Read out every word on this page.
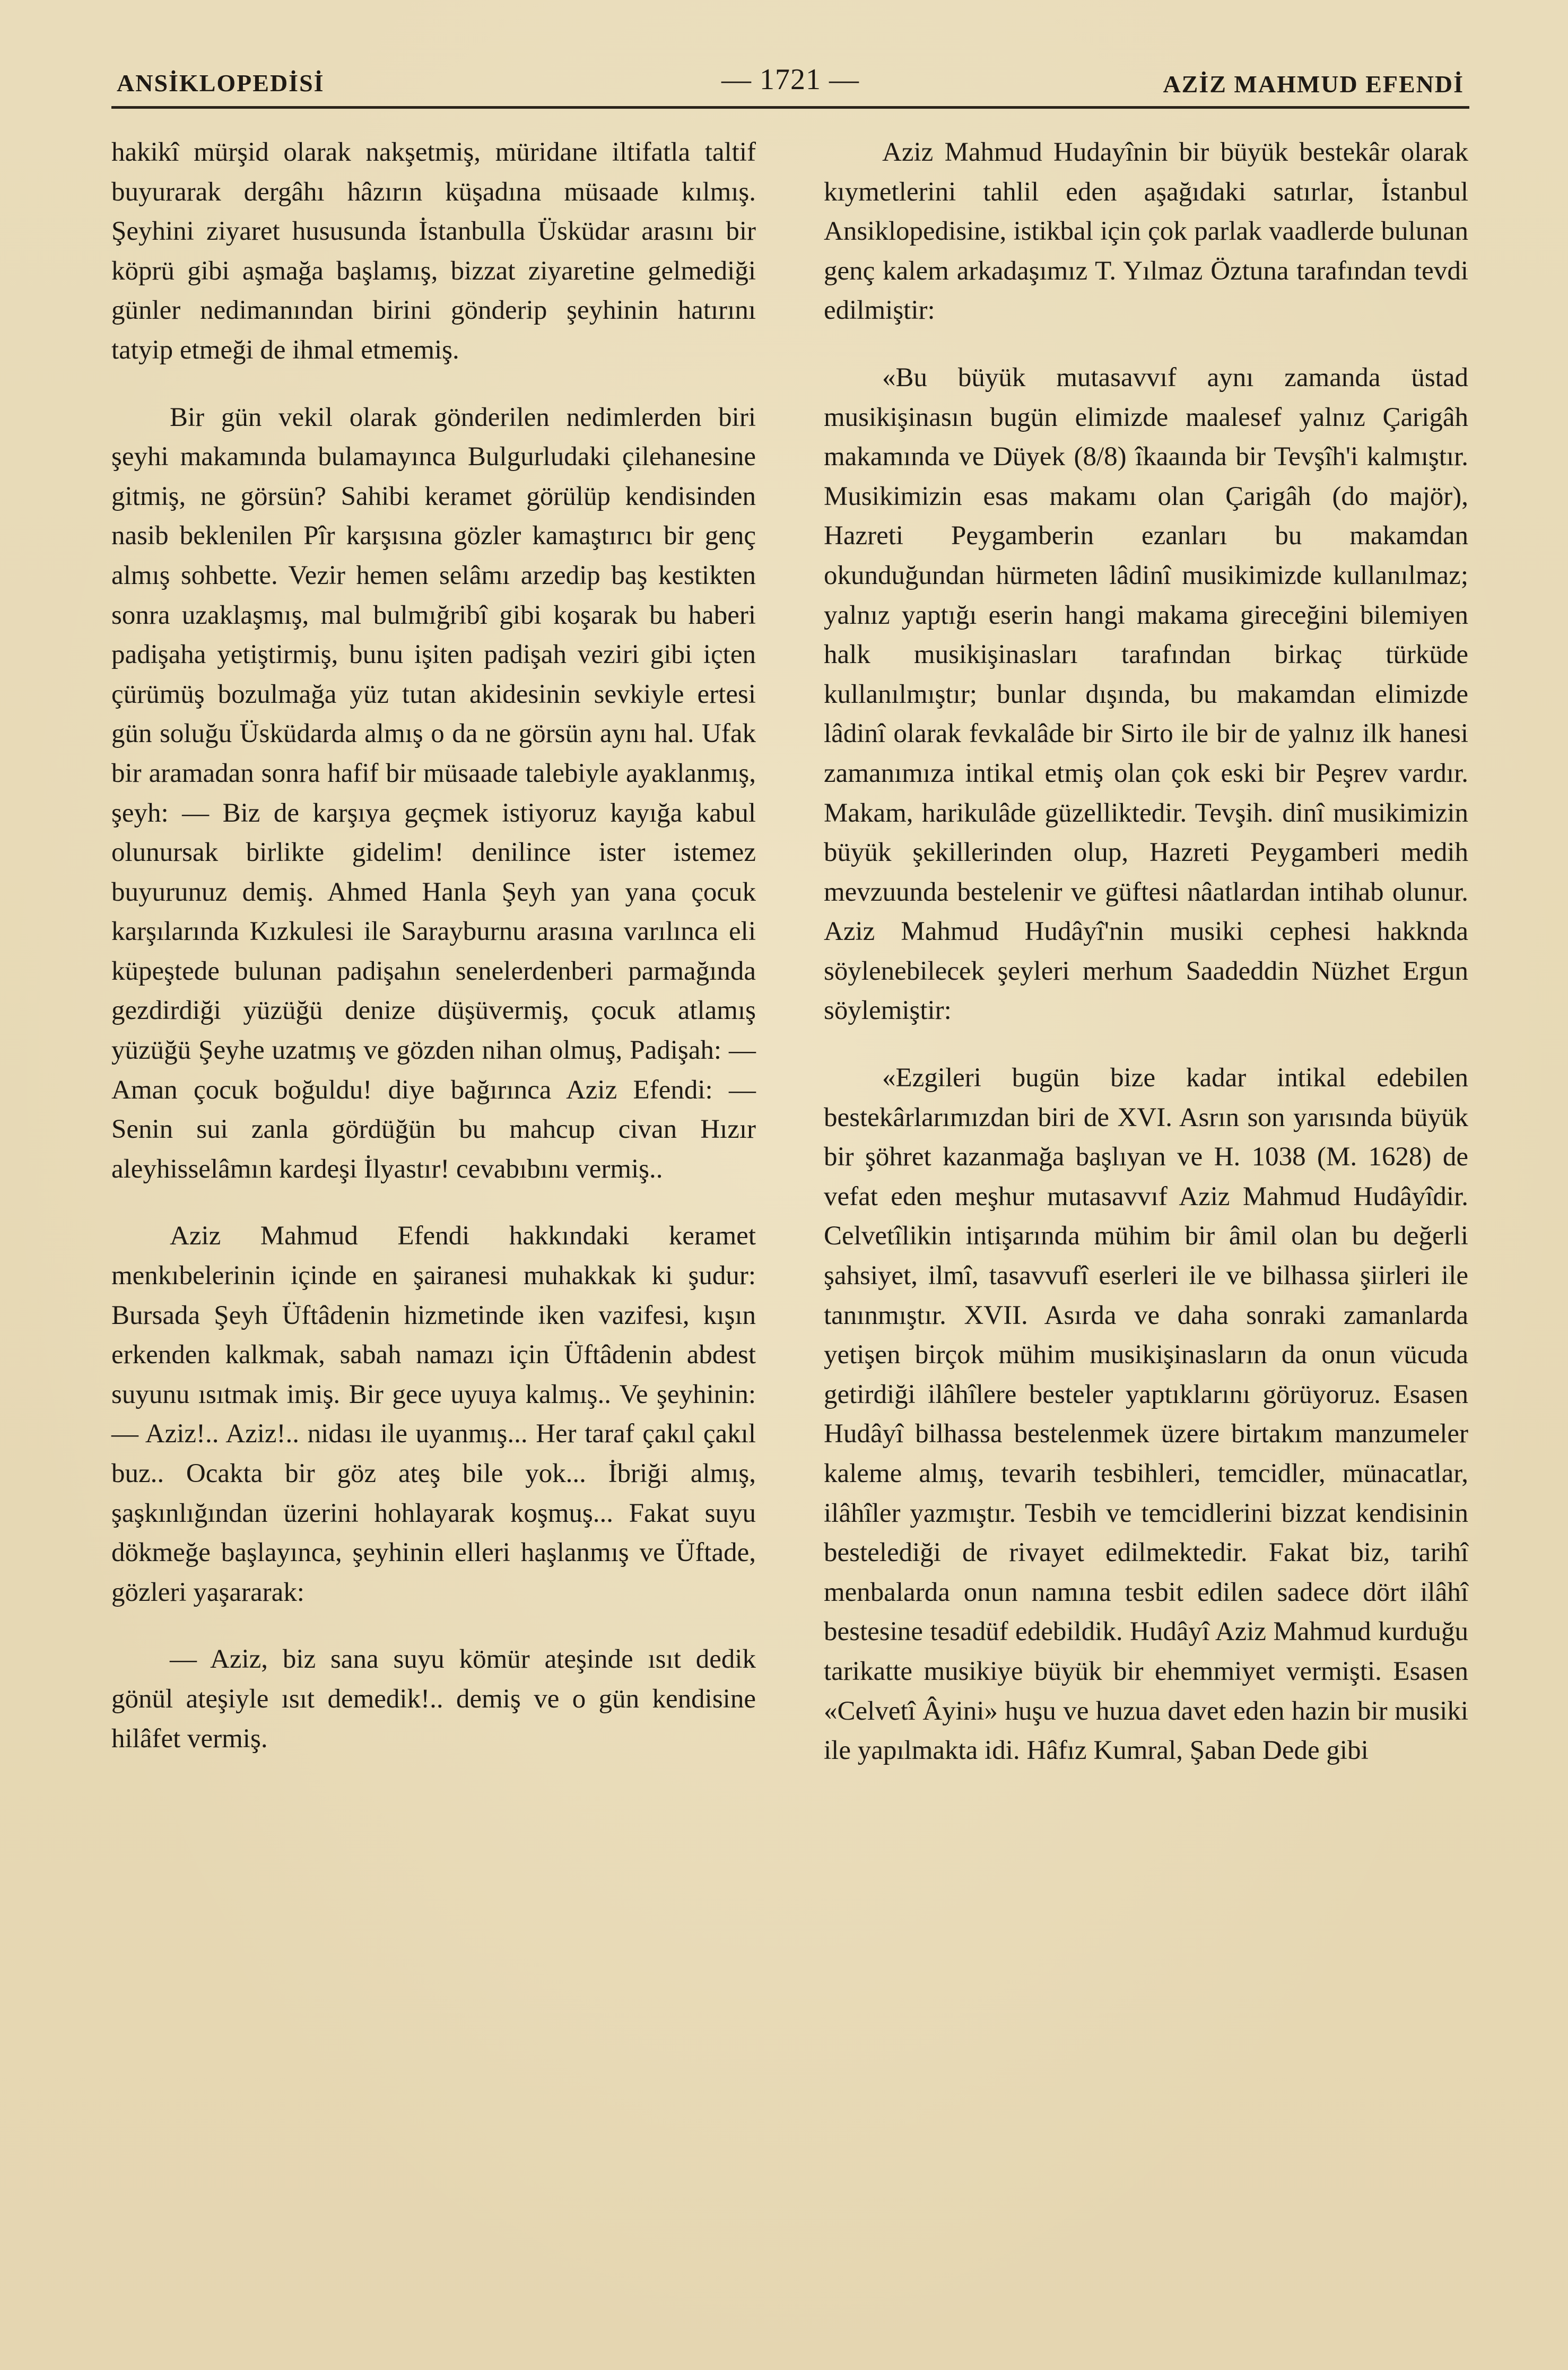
ANSİKLOPEDİSİ	— 1721 —	AZİZ MAHMUD EFENDİ

hakikî mürşid olarak nakşetmiş, müridane iltifatla taltif buyurarak dergâhı hâzırın küşadına müsaade kılmış. Şeyhini ziyaret hususunda İstanbulla Üsküdar arasını bir köprü gibi aşmağa başlamış, bizzat ziyaretine gelmediği günler nedimanından birini gönderip şeyhinin hatırını tatyip etmeği de ihmal etmemiş.

Bir gün vekil olarak gönderilen nedimlerden biri şeyhi makamında bulamayınca Bulgurludaki çilehanesine gitmiş, ne görsün? Sahibi keramet görülüp kendisinden nasib beklenilen Pîr karşısına gözler kamaştırıcı bir genç almış sohbette. Vezir hemen selâmı arzedip baş kestikten sonra uzaklaşmış, mal bulmığribî gibi koşarak bu haberi padişaha yetiştirmiş, bunu işiten padişah veziri gibi içten çürümüş bozulmağa yüz tutan akidesinin sevkiyle ertesi gün soluğu Üsküdarda almış o da ne görsün aynı hal. Ufak bir aramadan sonra hafif bir müsaade talebiyle ayaklanmış, şeyh: — Biz de karşıya geçmek istiyoruz kayığa kabul olunursak birlikte gidelim! denilince ister istemez buyurunuz demiş. Ahmed Hanla Şeyh yan yana çocuk karşılarında Kızkulesi ile Sarayburnu arasına varılınca eli küpeştede bulunan padişahın senelerdenberi parmağında gezdirdiği yüzüğü denize düşüvermiş, çocuk atlamış yüzüğü Şeyhe uzatmış ve gözden nihan olmuş, Padişah: — Aman çocuk boğuldu! diye bağırınca Aziz Efendi: — Senin sui zanla gördüğün bu mahcup civan Hızır aleyhisselâmın kardeşi İlyastır! cevabıbını vermiş..

Aziz Mahmud Efendi hakkındaki keramet menkıbelerinin içinde en şairanesi muhakkak ki şudur: Bursada Şeyh Üftâdenin hizmetinde iken vazifesi, kışın erkenden kalkmak, sabah namazı için Üftâdenin abdest suyunu ısıtmak imiş. Bir gece uyuya kalmış.. Ve şeyhinin: — Aziz!.. Aziz!.. nidası ile uyanmış... Her taraf çakıl çakıl buz.. Ocakta bir göz ateş bile yok... İbriği almış, şaşkınlığından üzerini hohlayarak koşmuş... Fakat suyu dökmeğe başlayınca, şeyhinin elleri haşlanmış ve Üftade, gözleri yaşararak:

— Aziz, biz sana suyu kömür ateşinde ısıt dedik gönül ateşiyle ısıt demedik!.. demiş ve o gün kendisine hilâfet vermiş.

Aziz Mahmud Hudayînin bir büyük bestekâr olarak kıymetlerini tahlil eden aşağıdaki satırlar, İstanbul Ansiklopedisine, istikbal için çok parlak vaadlerde bulunan genç kalem arkadaşımız T. Yılmaz Öztuna tarafından tevdi edilmiştir:

«Bu büyük mutasavvıf aynı zamanda üstad musikişinasın bugün elimizde maalesef yalnız Çarigâh makamında ve Düyek (8/8) îkaaında bir Tevşîh'i kalmıştır. Musikimizin esas makamı olan Çarigâh (do majör), Hazreti Peygamberin ezanları bu makamdan okunduğundan hürmeten lâdinî musikimizde kullanılmaz; yalnız yaptığı eserin hangi makama gireceğini bilemiyen halk musikişinasları tarafından birkaç türküde kullanılmıştır; bunlar dışında, bu makamdan elimizde lâdinî olarak fevkalâde bir Sirto ile bir de yalnız ilk hanesi zamanımıza intikal etmiş olan çok eski bir Peşrev vardır. Makam, harikulâde güzelliktedir. Tevşih. dinî musikimizin büyük şekillerinden olup, Hazreti Peygamberi medih mevzuunda bestelenir ve güftesi nâatlardan intihab olunur. Aziz Mahmud Hudâyî'nin musiki cephesi hakknda söylenebilecek şeyleri merhum Saadeddin Nüzhet Ergun söylemiştir:

«Ezgileri bugün bize kadar intikal edebilen bestekârlarımızdan biri de XVI. Asrın son yarısında büyük bir şöhret kazanmağa başlıyan ve H. 1038 (M. 1628) de vefat eden meşhur mutasavvıf Aziz Mahmud Hudâyîdir. Celvetîlikin intişarında mühim bir âmil olan bu değerli şahsiyet, ilmî, tasavvufî eserleri ile ve bilhassa şiirleri ile tanınmıştır. XVII. Asırda ve daha sonraki zamanlarda yetişen birçok mühim musikişinasların da onun vücuda getirdiği ilâhîlere besteler yaptıklarını görüyoruz. Esasen Hudâyî bilhassa bestelenmek üzere birtakım manzumeler kaleme almış, tevarih tesbihleri, temcidler, münacatlar, ilâhîler yazmıştır. Tesbih ve temcidlerini bizzat kendisinin bestelediği de rivayet edilmektedir. Fakat biz, tarihî menbalarda onun namına tesbit edilen sadece dört ilâhî bestesine tesadüf edebildik. Hudâyî Aziz Mahmud kurduğu tarikatte musikiye büyük bir ehemmiyet vermişti. Esasen «Celvetî Âyini» huşu ve huzua davet eden hazin bir musiki ile yapılmakta idi. Hâfız Kumral, Şaban Dede gibi
